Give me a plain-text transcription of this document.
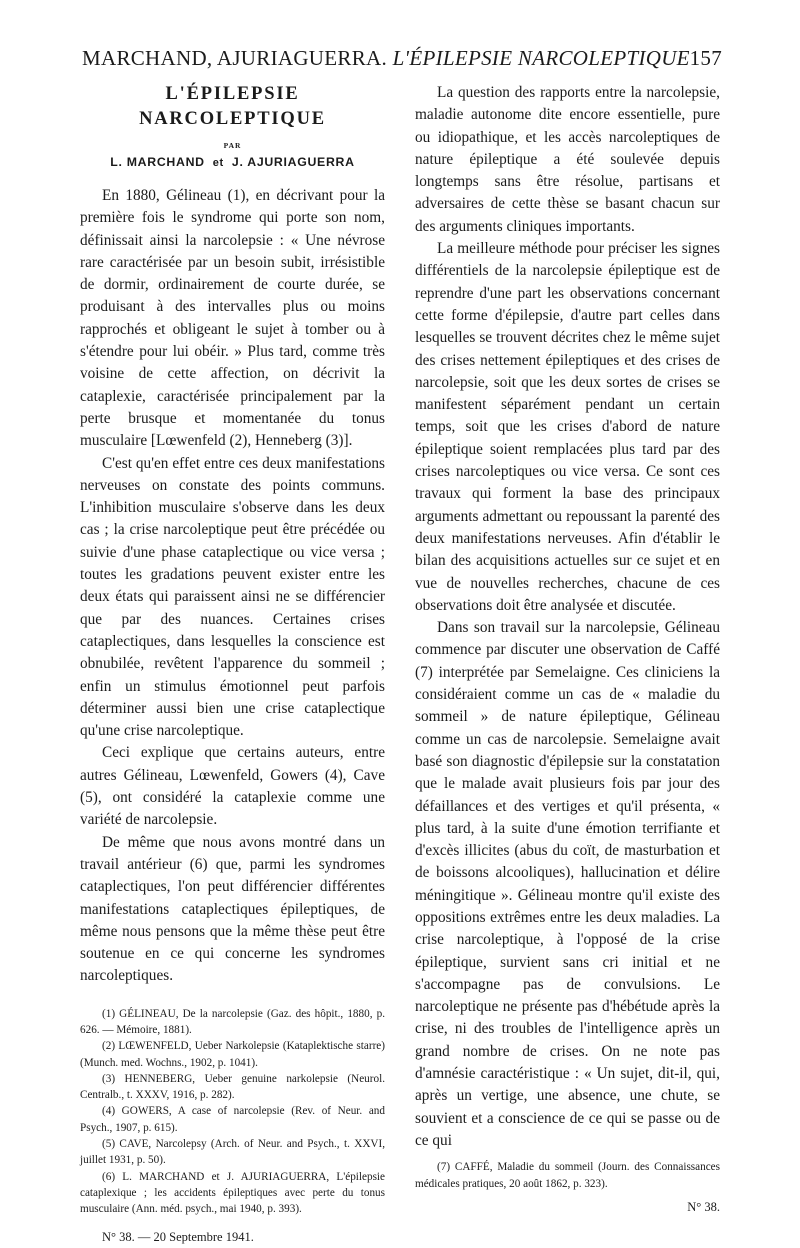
MARCHAND, AJURIAGUERRA. L'ÉPILEPSIE NARCOLEPTIQUE 157
L'ÉPILEPSIE
NARCOLEPTIQUE
PAR
L. MARCHAND et J. AJURIAGUERRA

En 1880, Gélineau (1), en décrivant pour la première fois le syndrome qui porte son nom, définissait ainsi la narcolepsie : « Une névrose rare caractérisée par un besoin subit, irrésistible de dormir, ordinairement de courte durée, se produisant à des intervalles plus ou moins rapprochés et obligeant le sujet à tomber ou à s'étendre pour lui obéir. » Plus tard, comme très voisine de cette affection, on décrivit la cataplexie, caractérisée principalement par la perte brusque et momentanée du tonus musculaire [Lœwenfeld (2), Henneberg (3)].

C'est qu'en effet entre ces deux manifestations nerveuses on constate des points communs. L'inhibition musculaire s'observe dans les deux cas ; la crise narcoleptique peut être précédée ou suivie d'une phase cataplectique ou vice versa ; toutes les gradations peuvent exister entre les deux états qui paraissent ainsi ne se différencier que par des nuances. Certaines crises cataplectiques, dans lesquelles la conscience est obnubilée, revêtent l'apparence du sommeil ; enfin un stimulus émotionnel peut parfois déterminer aussi bien une crise cataplectique qu'une crise narcoleptique.

Ceci explique que certains auteurs, entre autres Gélineau, Lœwenfeld, Gowers (4), Cave (5), ont considéré la cataplexie comme une variété de narcolepsie.

De même que nous avons montré dans un travail antérieur (6) que, parmi les syndromes cataplectiques, l'on peut différencier différentes manifestations cataplectiques épileptiques, de même nous pensons que la même thèse peut être soutenue en ce qui concerne les syndromes narcoleptiques.

(1) GÉLINEAU, De la narcolepsie (Gaz. des hôpit., 1880, p. 626. — Mémoire, 1881).

(2) LŒWENFELD, Ueber Narkolepsie (Kataplektische starre) (Munch. med. Wochns., 1902, p. 1041).

(3) HENNEBERG, Ueber genuine narkolepsie (Neurol. Centralb., t. XXXV, 1916, p. 282).

(4) GOWERS, A case of narcolepsie (Rev. of Neur. and Psych., 1907, p. 615).

(5) CAVE, Narcolepsy (Arch. of Neur. and Psych., t. XXVI, juillet 1931, p. 50).

(6) L. MARCHAND et J. AJURIAGUERRA, L'épilepsie cataplexique ; les accidents épileptiques avec perte du tonus musculaire (Ann. méd. psych., mai 1940, p. 393).

N° 38. — 20 Septembre 1941.

La question des rapports entre la narcolepsie, maladie autonome dite encore essentielle, pure ou idiopathique, et les accès narcoleptiques de nature épileptique a été soulevée depuis longtemps sans être résolue, partisans et adversaires de cette thèse se basant chacun sur des arguments cliniques importants.

La meilleure méthode pour préciser les signes différentiels de la narcolepsie épileptique est de reprendre d'une part les observations concernant cette forme d'épilepsie, d'autre part celles dans lesquelles se trouvent décrites chez le même sujet des crises nettement épileptiques et des crises de narcolepsie, soit que les deux sortes de crises se manifestent séparément pendant un certain temps, soit que les crises d'abord de nature épileptique soient remplacées plus tard par des crises narcoleptiques ou vice versa. Ce sont ces travaux qui forment la base des principaux arguments admettant ou repoussant la parenté des deux manifestations nerveuses. Afin d'établir le bilan des acquisitions actuelles sur ce sujet et en vue de nouvelles recherches, chacune de ces observations doit être analysée et discutée.

Dans son travail sur la narcolepsie, Gélineau commence par discuter une observation de Caffé (7) interprétée par Semelaigne. Ces cliniciens la considéraient comme un cas de « maladie du sommeil » de nature épileptique, Gélineau comme un cas de narcolepsie. Semelaigne avait basé son diagnostic d'épilepsie sur la constatation que le malade avait plusieurs fois par jour des défaillances et des vertiges et qu'il présenta, « plus tard, à la suite d'une émotion terrifiante et d'excès illicites (abus du coït, de masturbation et de boissons alcooliques), hallucination et délire méningitique ». Gélineau montre qu'il existe des oppositions extrêmes entre les deux maladies. La crise narcoleptique, à l'opposé de la crise épileptique, survient sans cri initial et ne s'accompagne pas de convulsions. Le narcoleptique ne présente pas d'hébétude après la crise, ni des troubles de l'intelligence après un grand nombre de crises. On ne note pas d'amnésie caractéristique : « Un sujet, dit-il, qui, après un vertige, une absence, une chute, se souvient et a conscience de ce qui se passe ou de ce qui

(7) CAFFÉ, Maladie du sommeil (Journ. des Connaissances médicales pratiques, 20 août 1862, p. 323).

N° 38.
